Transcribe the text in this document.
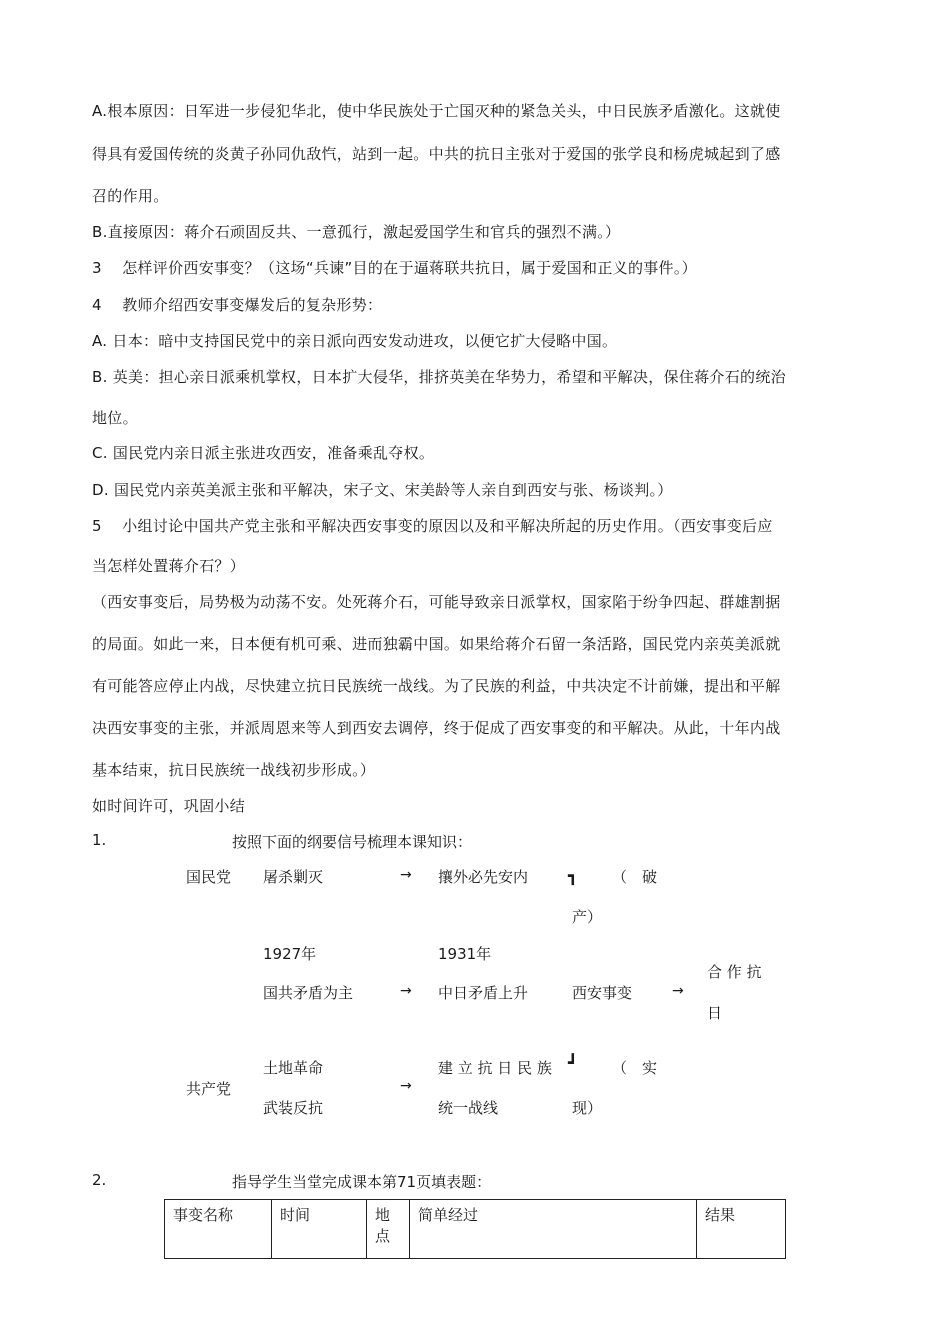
A.根本原因：日军进一步侵犯华北，使中华民族处于亡国灭种的紧急关头，中日民族矛盾激化。这就使
得具有爱国传统的炎黄子孙同仇敌忾，站到一起。中共的抗日主张对于爱国的张学良和杨虎城起到了感
召的作用。
B.直接原因：蒋介石顽固反共、一意孤行，激起爱国学生和官兵的强烈不满。）
3　 怎样评价西安事变？（这场“兵谏”目的在于逼蒋联共抗日，属于爱国和正义的事件。）
4　 教师介绍西安事变爆发后的复杂形势：
A. 日本：暗中支持国民党中的亲日派向西安发动进攻，以便它扩大侵略中国。
B. 英美：担心亲日派乘机掌权，日本扩大侵华，排挤英美在华势力，希望和平解决，保住蒋介石的统治
地位。
C. 国民党内亲日派主张进攻西安，准备乘乱夺权。
D. 国民党内亲英美派主张和平解决，宋子文、宋美龄等人亲自到西安与张、杨谈判。）
5　 小组讨论中国共产党主张和平解决西安事变的原因以及和平解决所起的历史作用。（西安事变后应
当怎样处置蒋介石？）
（西安事变后，局势极为动荡不安。处死蒋介石，可能导致亲日派掌权，国家陷于纷争四起、群雄割据
的局面。如此一来，日本便有机可乘、进而独霸中国。如果给蒋介石留一条活路，国民党内亲英美派就
有可能答应停止内战，尽快建立抗日民族统一战线。为了民族的利益，中共决定不计前嫌，提出和平解
决西安事变的主张，并派周恩来等人到西安去调停，终于促成了西安事变的和平解决。从此，十年内战
基本结束，抗日民族统一战线初步形成。）
如时间许可，巩固小结
1.	按照下面的纲要信号梳理本课知识：
国民党 屠杀剿灭	→ 攘外必先安内 ┓ （　破
产）
1927年	1931年
国共矛盾为主	→ 中日矛盾上升	西安事变	→
合 作 抗
日
共产党
土地革命
武装反抗
→
建 立 抗 日 民 族
统一战线
┛ （　实
现）
2.	指导学生当堂完成课本第71页填表题：
事变名称	时间	地点	简单经过	结果
